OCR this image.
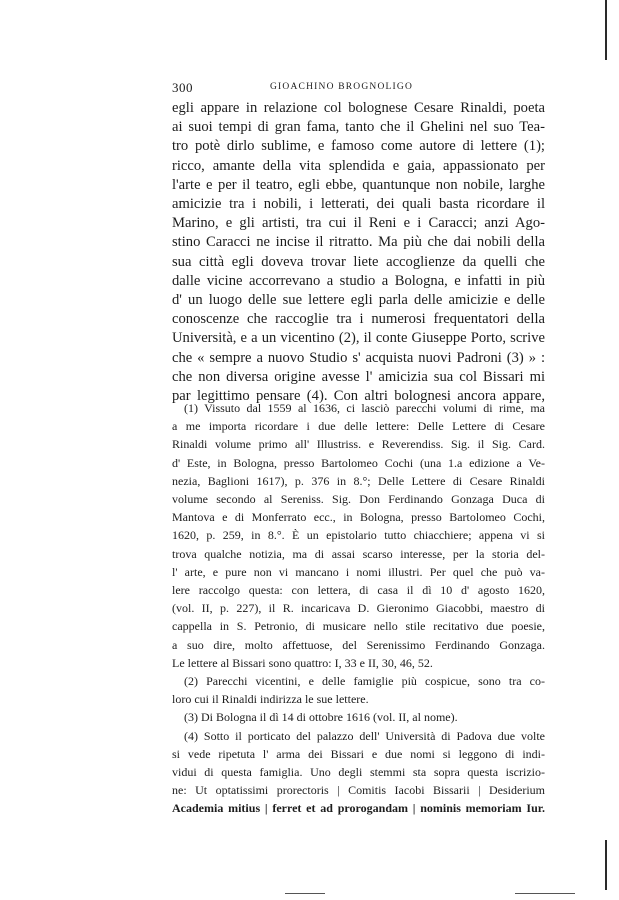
300	GIOACHINO BROGNOLIGO
egli appare in relazione col bolognese Cesare Rinaldi, poeta
ai suoi tempi di gran fama, tanto che il Ghelini nel suo Tea-
tro potè dirlo sublime, e famoso come autore di lettere (1);
ricco, amante della vita splendida e gaia, appassionato per
l'arte e per il teatro, egli ebbe, quantunque non nobile, larghe
amicizie tra i nobili, i letterati, dei quali basta ricordare il
Marino, e gli artisti, tra cui il Reni e i Caracci; anzi Ago-
stino Caracci ne incise il ritratto. Ma più che dai nobili della
sua città egli doveva trovar liete accoglienze da quelli che
dalle vicine accorrevano a studio a Bologna, e infatti in più
d' un luogo delle sue lettere egli parla delle amicizie e delle
conoscenze che raccoglie tra i numerosi frequentatori della
Università, e a un vicentino (2), il conte Giuseppe Porto, scrive
che « sempre a nuovo Studio s' acquista nuovi Padroni (3) » :
che non diversa origine avesse l' amicizia sua col Bissari mi
par legittimo pensare (4). Con altri bolognesi ancora appare,
(1) Vissuto dal 1559 al 1636, ci lasciò parecchi volumi di rime, ma
a me importa ricordare i due delle lettere: Delle Lettere di Cesare
Rinaldi volume primo all' Illustriss. e Reverendiss. Sig. il Sig. Card.
d' Este, in Bologna, presso Bartolomeo Cochi (una 1.a edizione a Ve-
nezia, Baglioni 1617), p. 376 in 8.°; Delle Lettere di Cesare Rinaldi
volume secondo al Sereniss. Sig. Don Ferdinando Gonzaga Duca di
Mantova e di Monferrato ecc., in Bologna, presso Bartolomeo Cochi,
1620, p. 259, in 8.°. È un epistolario tutto chiacchiere; appena vi si
trova qualche notizia, ma di assai scarso interesse, per la storia del-
l' arte, e pure non vi mancano i nomi illustri. Per quel che può va-
lere raccolgo questa: con lettera, di casa il dì 10 d' agosto 1620,
(vol. II, p. 227), il R. incaricava D. Gieronimo Giacobbi, maestro di
cappella in S. Petronio, di musicare nello stile recitativo due poesie,
a suo dire, molto affettuose, del Serenissimo Ferdinando Gonzaga.
Le lettere al Bissari sono quattro: I, 33 e II, 30, 46, 52.
(2) Parecchi vicentini, e delle famiglie più cospicue, sono tra co-
loro cui il Rinaldi indirizza le sue lettere.
(3) Di Bologna il dì 14 di ottobre 1616 (vol. II, al nome).
(4) Sotto il porticato del palazzo dell' Università di Padova due volte
si vede ripetuta l' arma dei Bissari e due nomi si leggono di indi-
vidui di questa famiglia. Uno degli stemmi sta sopra questa iscrizio-
ne: Ut optatissimi prorectoris | Comitis Iacobi Bissarii | Desiderium
Academia mitius | ferret et ad prorogandam | nominis memoriam Iur.
